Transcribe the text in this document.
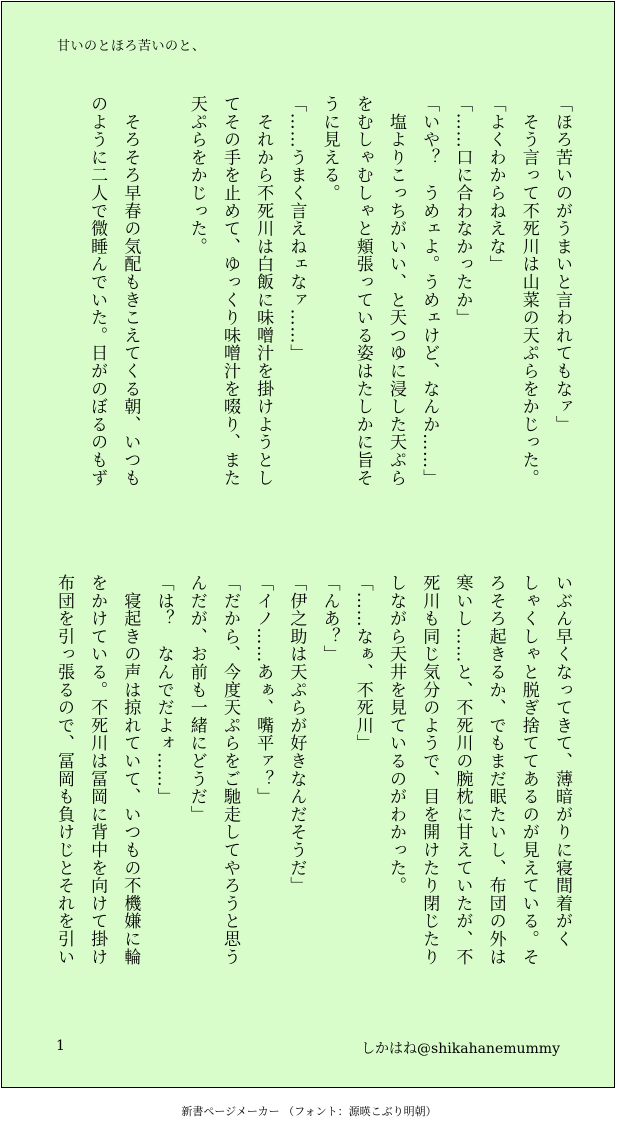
甘いのとほろ苦いのと、
「ほろ苦いのがうまいと言われてもなァ」
　そう言って不死川は山菜の天ぷらをかじった。
「よくわからねえな」
「……口に合わなかったか」
「いや？　うめェよ。うめェけど、なんか……」
　塩よりこっちがいい、と天つゆに浸した天ぷら
をむしゃむしゃと頬張っている姿はたしかに旨そ
うに見える。
「……うまく言えねェなァ……」
　それから不死川は白飯に味噌汁を掛けようとし
てその手を止めて、ゆっくり味噌汁を啜り、また
天ぷらをかじった。

　そろそろ早春の気配もきこえてくる朝、いつも
のように二人で微睡んでいた。日がのぼるのもず
いぶん早くなってきて、薄暗がりに寝間着がく
しゃくしゃと脱ぎ捨ててあるのが見えている。そ
ろそろ起きるか、でもまだ眠たいし、布団の外は
寒いし……と、不死川の腕枕に甘えていたが、不
死川も同じ気分のようで、目を開けたり閉じたり
しながら天井を見ているのがわかった。
「……なぁ、不死川」
「んあ？」
「伊之助は天ぷらが好きなんだそうだ」
「イノ……あぁ、嘴平ァ？」
「だから、今度天ぷらをご馳走してやろうと思う
んだが、お前も一緒にどうだ」
「は？　なんでだよォ……」
　寝起きの声は掠れていて、いつもの不機嫌に輪
をかけている。不死川は冨岡に背中を向けて掛け
布団を引っ張るので、冨岡も負けじとそれを引い
1	しかはね@shikahanemummy
新書ページメーカー （フォント：源暎こぶり明朝）
